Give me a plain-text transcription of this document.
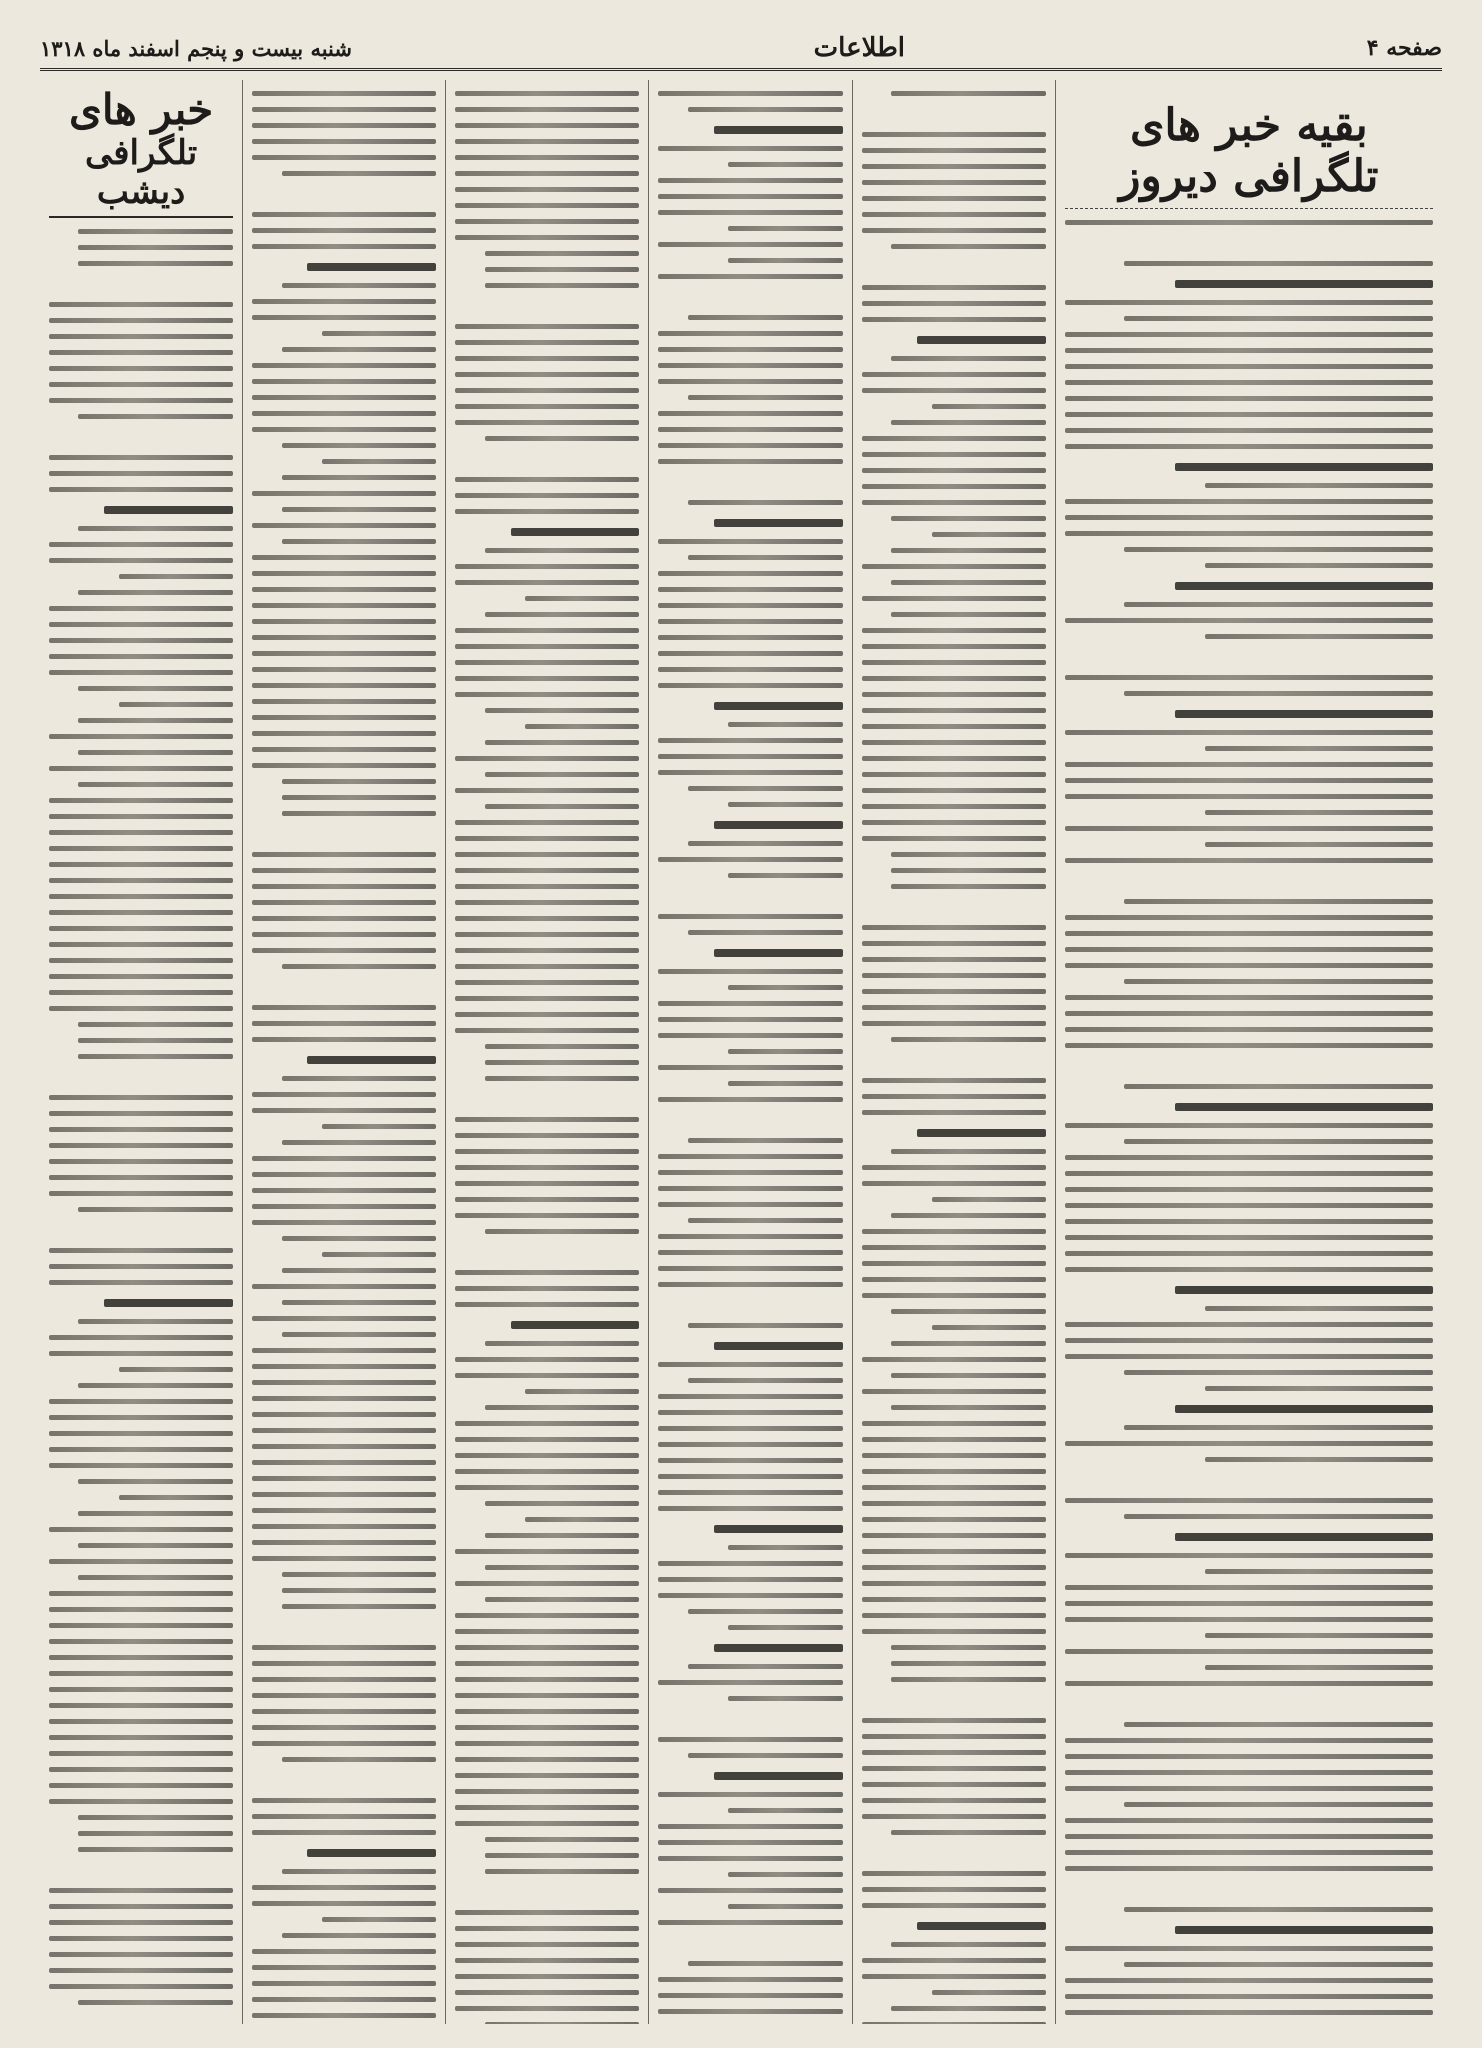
صفحه ۴
اطلاعات
شنبه بیست و پنجم اسفند ماه ۱۳۱۸
بقیه خبر های تلگرافی دیروز
خبر های
تلگرافی دیشب
